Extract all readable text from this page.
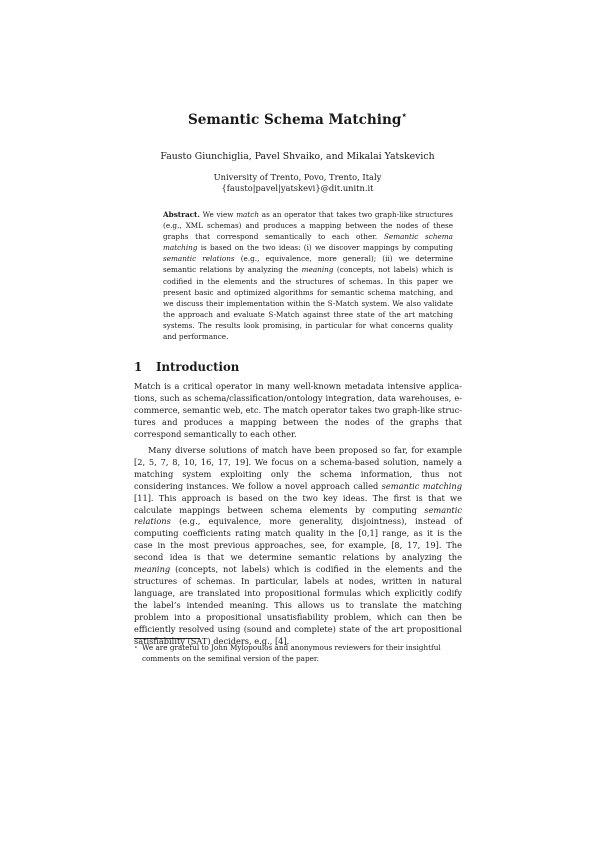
Semantic Schema Matching⋆
Fausto Giunchiglia, Pavel Shvaiko, and Mikalai Yatskevich
University of Trento, Povo, Trento, Italy
{fausto|pavel|yatskevi}@dit.unitn.it
Abstract. We view match as an operator that takes two graph-like structures (e.g., XML schemas) and produces a mapping between the nodes of these graphs that correspond semantically to each other. Semantic schema matching is based on the two ideas: (i) we discover mappings by computing semantic relations (e.g., equivalence, more general); (ii) we determine semantic relations by analyzing the meaning (concepts, not labels) which is codified in the elements and the structures of schemas. In this paper we present basic and optimized algorithms for semantic schema matching, and we discuss their implementation within the S-Match system. We also validate the approach and evaluate S-Match against three state of the art matching systems. The results look promising, in particular for what concerns quality and performance.
1 Introduction

Match is a critical operator in many well-known metadata intensive applications, such as schema/classification/ontology integration, data warehouses, e-commerce, semantic web, etc. The match operator takes two graph-like structures and produces a mapping between the nodes of the graphs that correspond semantically to each other.

Many diverse solutions of match have been proposed so far, for example [2, 5, 7, 8, 10, 16, 17, 19]. We focus on a schema-based solution, namely a matching system exploiting only the schema information, thus not considering instances. We follow a novel approach called semantic matching [11]. This approach is based on the two key ideas. The first is that we calculate mappings between schema elements by computing semantic relations (e.g., equivalence, more generality, disjointness), instead of computing coefficients rating match quality in the [0,1] range, as it is the case in the most previous approaches, see, for example, [8, 17, 19]. The second idea is that we determine semantic relations by analyzing the meaning (concepts, not labels) which is codified in the elements and the structures of schemas. In particular, labels at nodes, written in natural language, are translated into propositional formulas which explicitly codify the label’s intended meaning. This allows us to translate the matching problem into a propositional unsatisfiability problem, which can then be efficiently resolved using (sound and complete) state of the art propositional satisfiability (SAT) deciders, e.g., [4].

⋆ We are grateful to John Mylopoulos and anonymous reviewers for their insightful
comments on the semifinal version of the paper.
